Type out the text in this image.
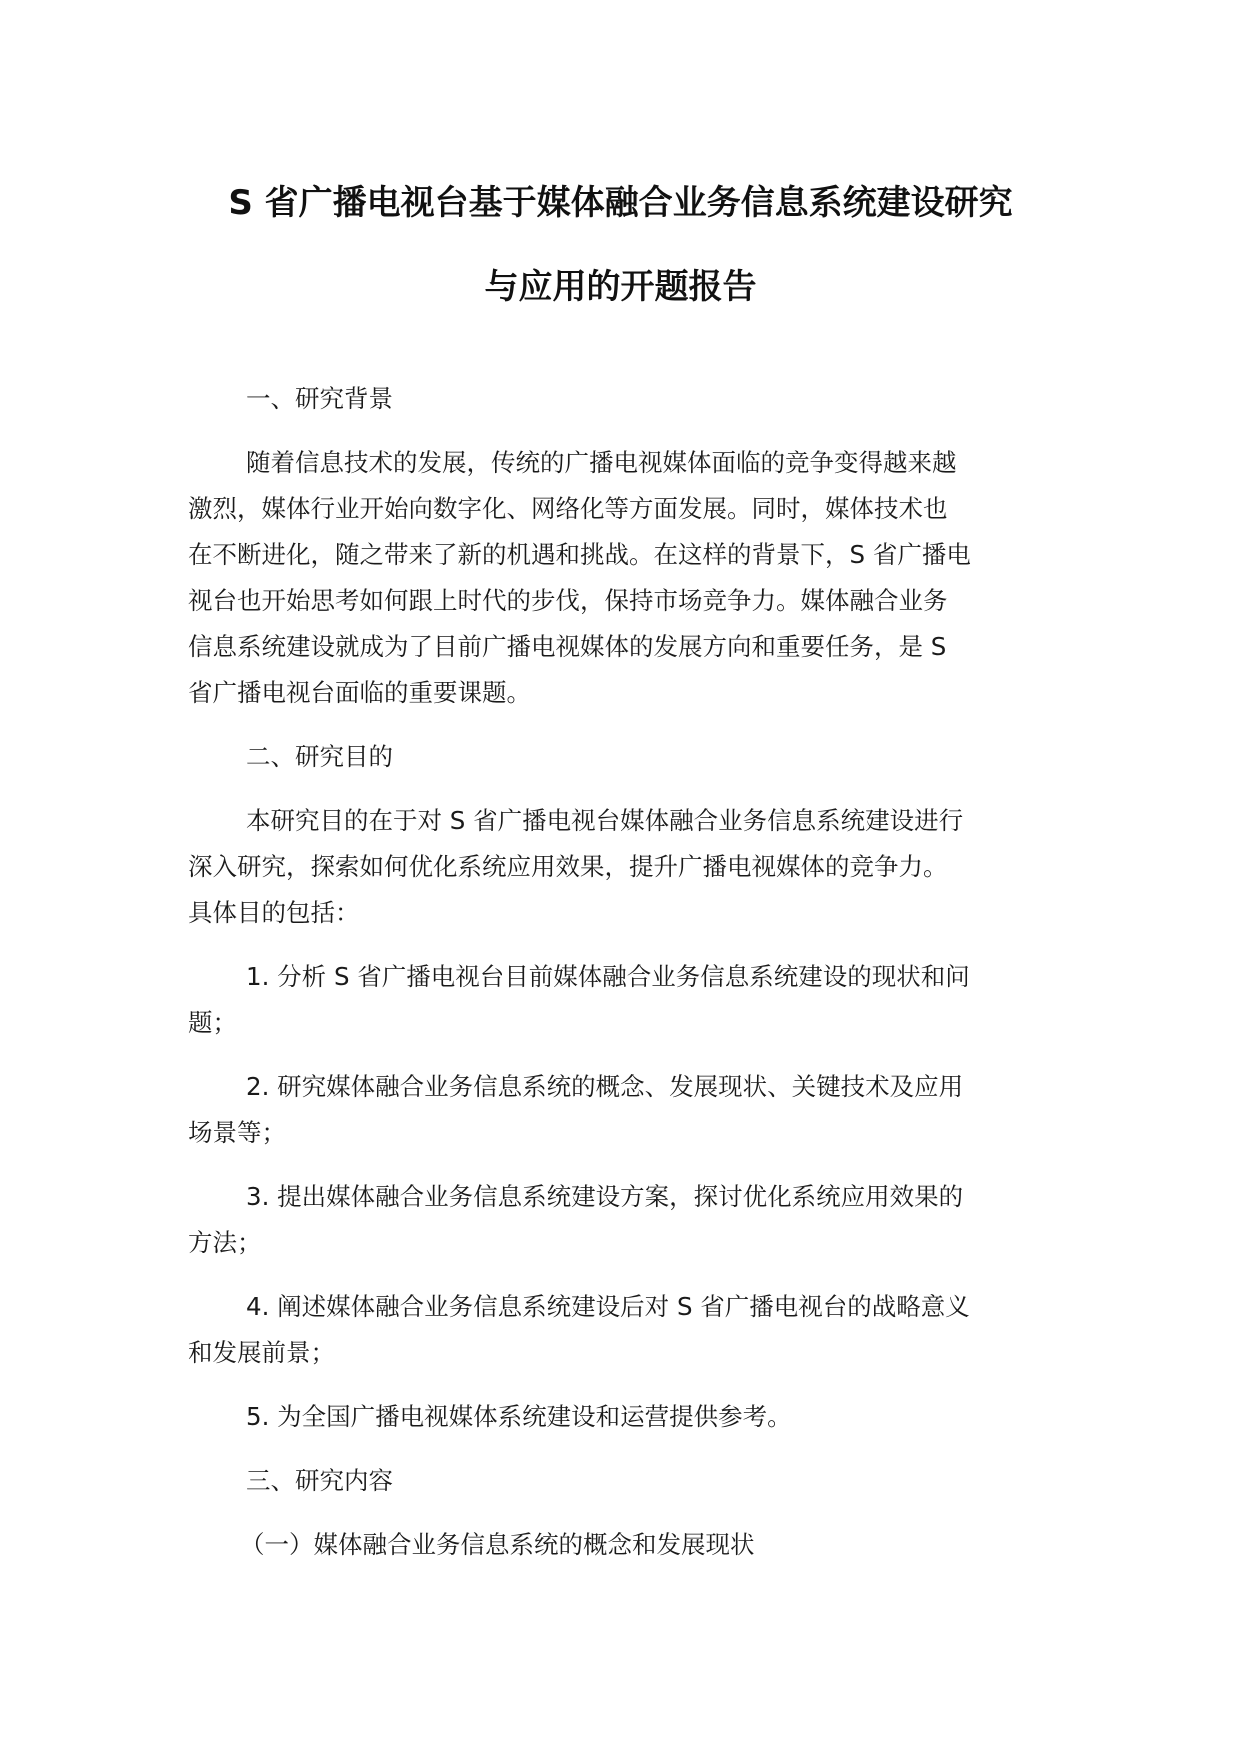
S 省广播电视台基于媒体融合业务信息系统建设研究
与应用的开题报告

一、研究背景

随着信息技术的发展，传统的广播电视媒体面临的竞争变得越来越
激烈，媒体行业开始向数字化、网络化等方面发展。同时，媒体技术也
在不断进化，随之带来了新的机遇和挑战。在这样的背景下，S 省广播电
视台也开始思考如何跟上时代的步伐，保持市场竞争力。媒体融合业务
信息系统建设就成为了目前广播电视媒体的发展方向和重要任务，是 S
省广播电视台面临的重要课题。

二、研究目的

本研究目的在于对 S 省广播电视台媒体融合业务信息系统建设进行
深入研究，探索如何优化系统应用效果，提升广播电视媒体的竞争力。
具体目的包括：

1. 分析 S 省广播电视台目前媒体融合业务信息系统建设的现状和问
题；

2. 研究媒体融合业务信息系统的概念、发展现状、关键技术及应用
场景等；

3. 提出媒体融合业务信息系统建设方案，探讨优化系统应用效果的
方法；

4. 阐述媒体融合业务信息系统建设后对 S 省广播电视台的战略意义
和发展前景；

5. 为全国广播电视媒体系统建设和运营提供参考。

三、研究内容

（一）媒体融合业务信息系统的概念和发展现状
